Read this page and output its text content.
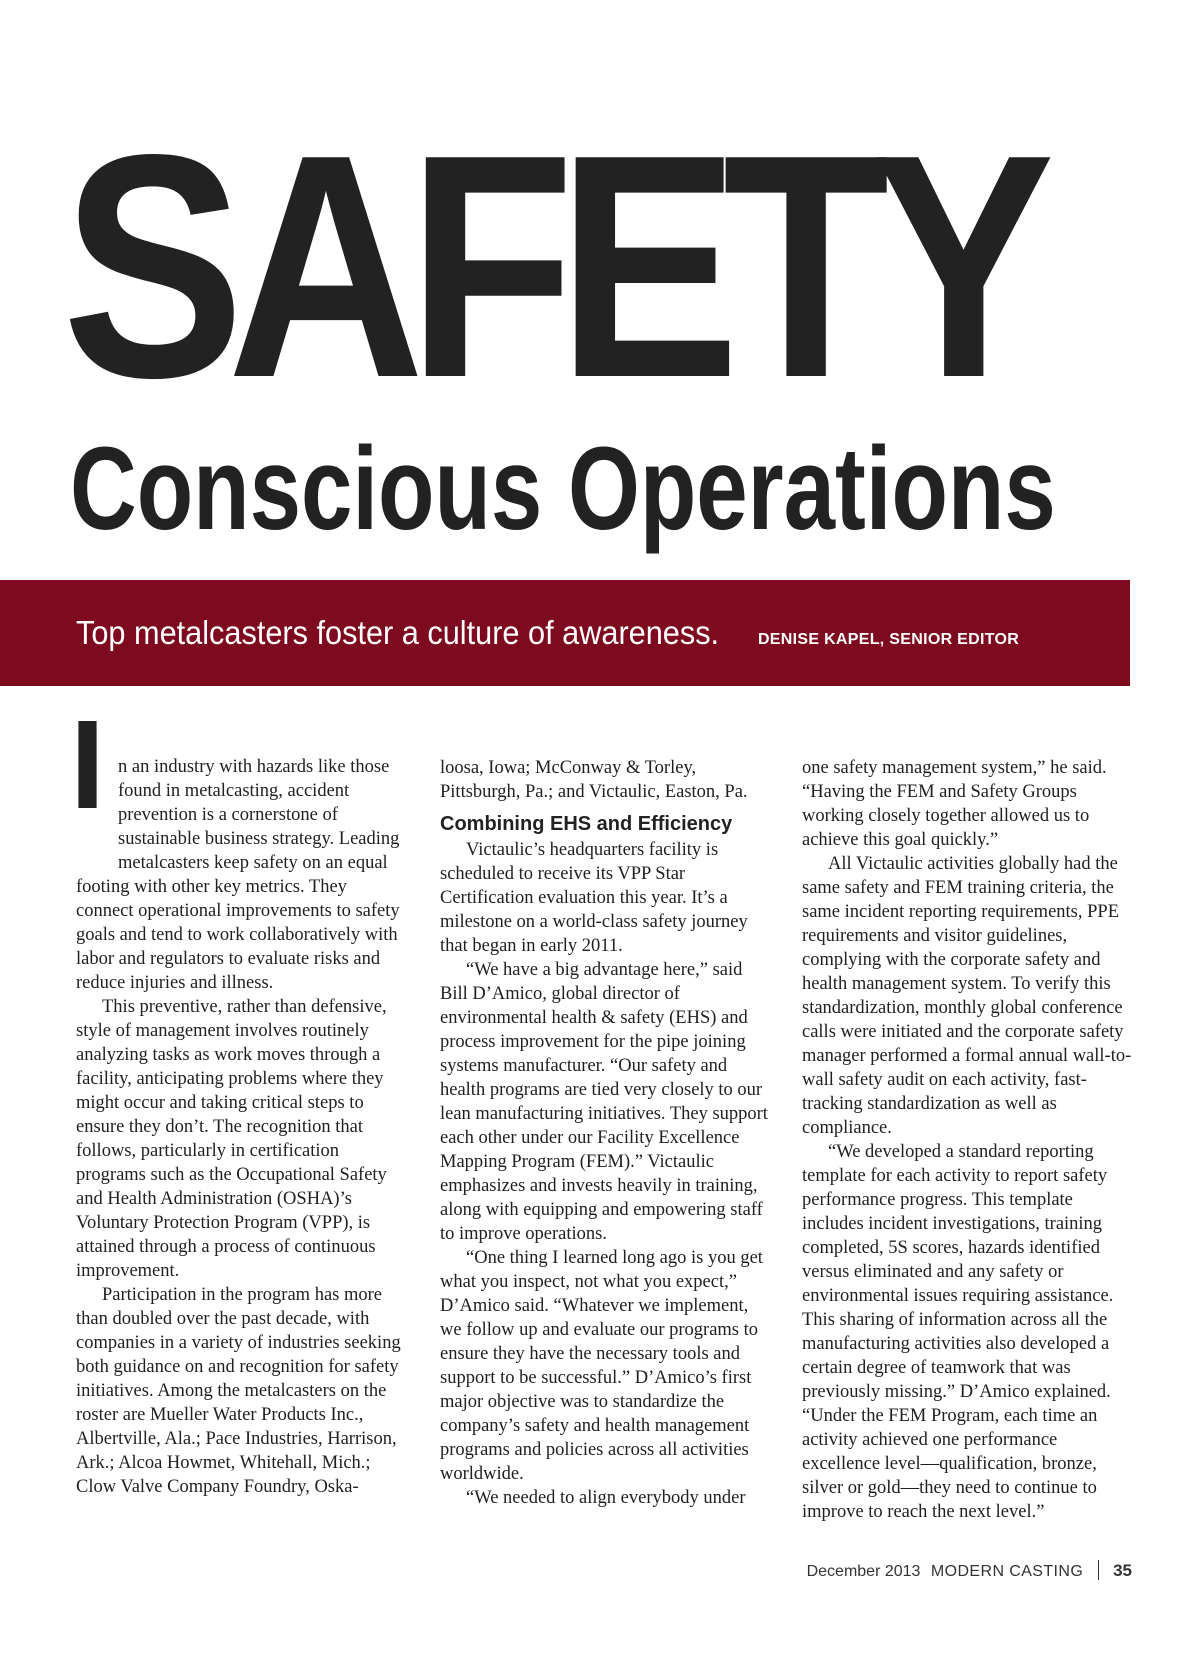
SAFETY
Conscious Operations
Top metalcasters foster a culture of awareness. DENISE KAPEL, SENIOR EDITOR
I n an industry with hazards like those found in metalcasting, accident prevention is a cornerstone of sustainable business strategy. Leading metalcasters keep safety on an equal footing with other key metrics. They connect operational improvements to safety goals and tend to work collaboratively with labor and regulators to evaluate risks and reduce injuries and illness.

This preventive, rather than defensive, style of management involves routinely analyzing tasks as work moves through a facility, anticipating problems where they might occur and taking critical steps to ensure they don’t. The recognition that follows, particularly in certification programs such as the Occupational Safety and Health Administration (OSHA)’s Voluntary Protection Program (VPP), is attained through a process of continuous improvement.

Participation in the program has more than doubled over the past decade, with companies in a variety of industries seeking both guidance on and recognition for safety initiatives. Among the metalcasters on the roster are Mueller Water Products Inc., Albertville, Ala.; Pace Industries, Harrison, Ark.; Alcoa Howmet, Whitehall, Mich.; Clow Valve Company Foundry, Oska-

loosa, Iowa; McConway & Torley, Pittsburgh, Pa.; and Victaulic, Easton, Pa.

Combining EHS and Efficiency

Victaulic’s headquarters facility is scheduled to receive its VPP Star Certification evaluation this year. It’s a milestone on a world-class safety journey that began in early 2011.

“We have a big advantage here,” said Bill D’Amico, global director of environmental health & safety (EHS) and process improvement for the pipe joining systems manufacturer. “Our safety and health programs are tied very closely to our lean manufacturing initiatives. They support each other under our Facility Excellence Mapping Program (FEM).” Victaulic emphasizes and invests heavily in training, along with equipping and empowering staff to improve operations.

“One thing I learned long ago is you get what you inspect, not what you expect,” D’Amico said. “Whatever we implement, we follow up and evaluate our programs to ensure they have the necessary tools and support to be successful.” D’Amico’s first major objective was to standardize the company’s safety and health management programs and policies across all activities worldwide.

“We needed to align everybody under

one safety management system,” he said. “Having the FEM and Safety Groups working closely together allowed us to achieve this goal quickly.”

All Victaulic activities globally had the same safety and FEM training criteria, the same incident reporting requirements, PPE requirements and visitor guidelines, complying with the corporate safety and health management system. To verify this standardization, monthly global conference calls were initiated and the corporate safety manager performed a formal annual wall-to-wall safety audit on each activity, fast-tracking standardization as well as compliance.

“We developed a standard reporting template for each activity to report safety performance progress. This template includes incident investigations, training completed, 5S scores, hazards identified versus eliminated and any safety or environmental issues requiring assistance. This sharing of information across all the manufacturing activities also developed a certain degree of teamwork that was previously missing.” D’Amico explained. “Under the FEM Program, each time an activity achieved one performance excellence level—qualification, bronze, silver or gold—they need to continue to improve to reach the next level.”

December 2013 MODERN CASTING 35
